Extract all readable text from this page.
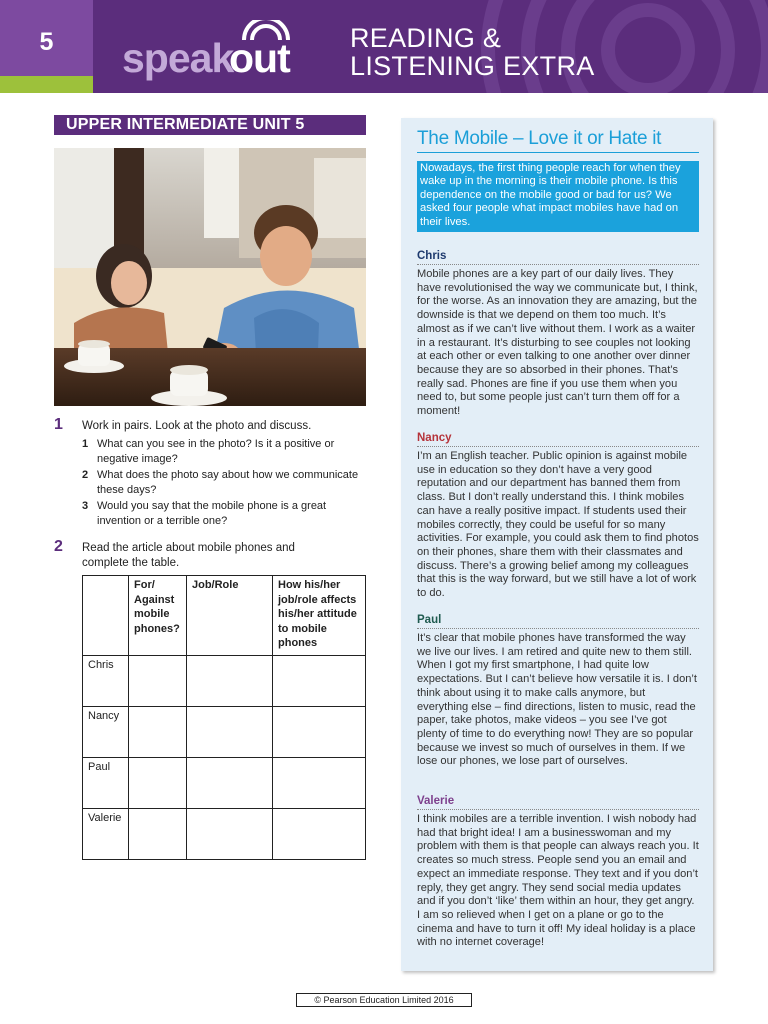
5	speak
out READING &
LISTENING EXTRA
UPPER INTERMEDIATE UNIT 5
1 Work in pairs. Look at the photo and discuss.
1 What can you see in the photo? Is it a positive or negative image?
2 What does the photo say about how we communicate these days?
3 Would you say that the mobile phone is a great invention or a terrible one?
2 Read the article about mobile phones and complete the table.
	For/ Against mobile phones?	Job/Role	How his/her job/role affects his/her attitude to mobile phones
Chris			
Nancy			
Paul			
Valerie			
The Mobile – Love it or Hate it
Nowadays, the first thing people reach for when they wake up in the morning is their mobile phone. Is this dependence on the mobile good or bad for us? We asked four people what impact mobiles have had on their lives.
Chris
Mobile phones are a key part of our daily lives. They have revolutionised the way we communicate but, I think, for the worse. As an innovation they are amazing, but the downside is that we depend on them too much. It’s almost as if we can’t live without them. I work as a waiter in a restaurant. It’s disturbing to see couples not looking at each other or even talking to one another over dinner because they are so absorbed in their phones. That’s really sad. Phones are fine if you use them when you need to, but some people just can’t turn them off for a moment!
Nancy
I’m an English teacher. Public opinion is against mobile use in education so they don’t have a very good reputation and our department has banned them from class. But I don’t really understand this. I think mobiles can have a really positive impact. If students used their mobiles correctly, they could be useful for so many activities. For example, you could ask them to find photos on their phones, share them with their classmates and discuss. There’s a growing belief among my colleagues that this is the way forward, but we still have a lot of work to do.
Paul
It’s clear that mobile phones have transformed the way we live our lives. I am retired and quite new to them still. When I got my first smartphone, I had quite low expectations. But I can’t believe how versatile it is. I don’t think about using it to make calls anymore, but everything else – find directions, listen to music, read the paper, take photos, make videos – you see I’ve got plenty of time to do everything now! They are so popular because we invest so much of ourselves in them. If we lose our phones, we lose part of ourselves.
Valerie
I think mobiles are a terrible invention. I wish nobody had had that bright idea! I am a businesswoman and my problem with them is that people can always reach you. It creates so much stress. People send you an email and expect an immediate response. They text and if you don’t reply, they get angry. They send social media updates and if you don’t ‘like’ them within an hour, they get angry. I am so relieved when I get on a plane or go to the cinema and have to turn it off! My ideal holiday is a place with no internet coverage!
© Pearson Education Limited 2016
